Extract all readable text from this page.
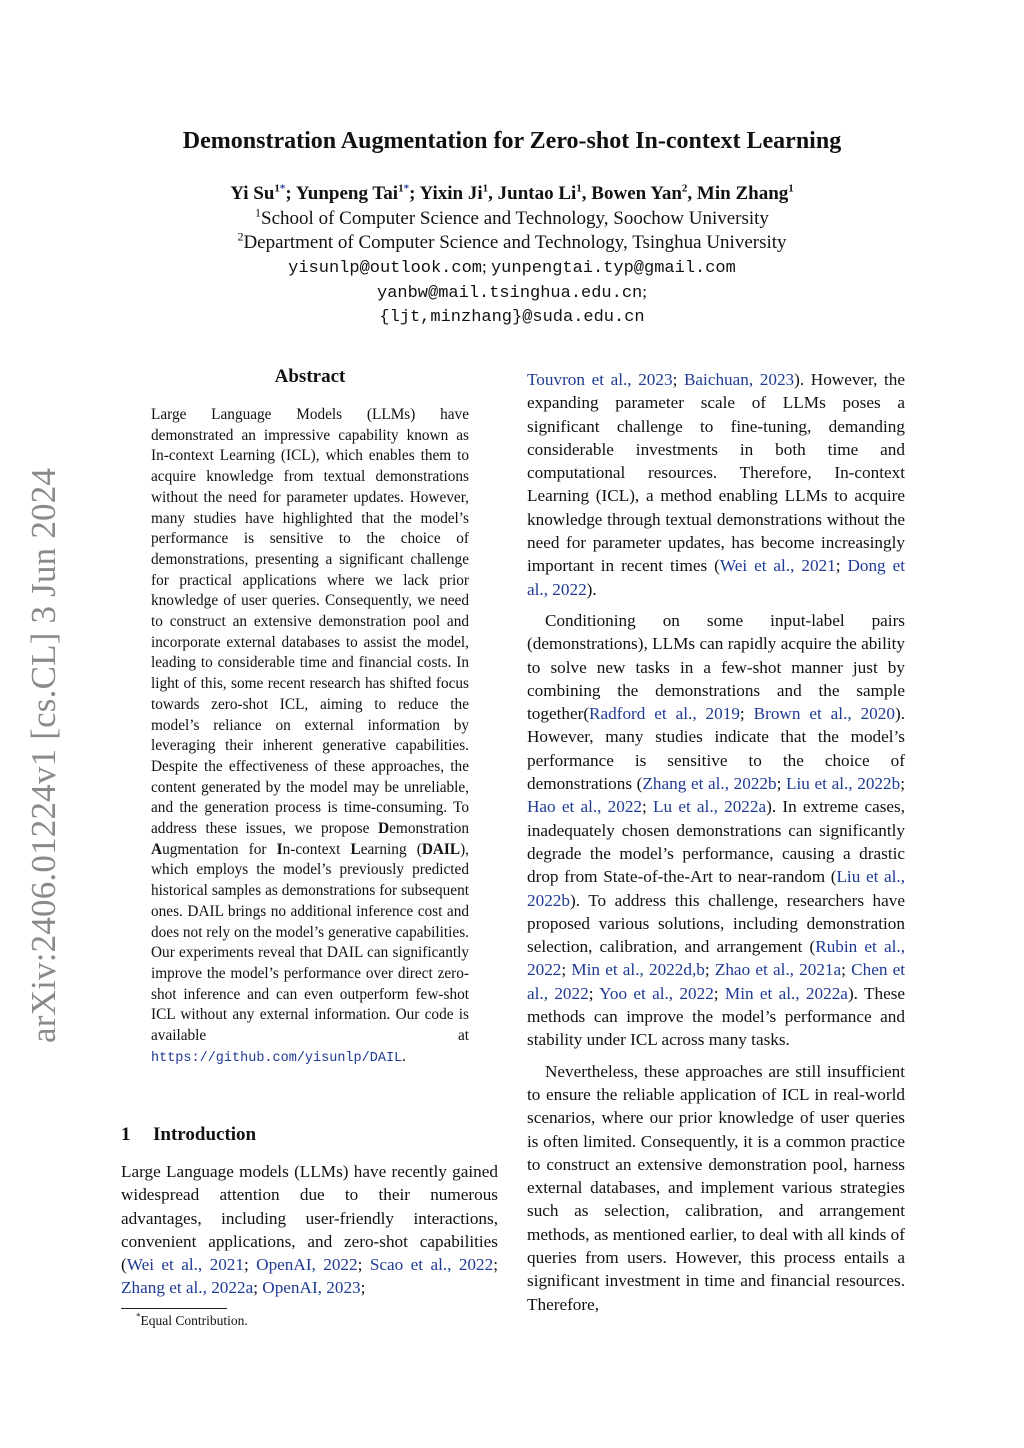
arXiv:2406.01224v1 [cs.CL] 3 Jun 2024
Demonstration Augmentation for Zero-shot In-context Learning
Yi $Su^{1*}$; Yunpeng Tai$^{1*}$; Yixin Ji$^1$, Juntao Li$^1$, Bowen Yan$^2$, Min Zhang$^1$
$^1$School of Computer Science and Technology, Soochow University
$^2$Department of Computer Science and Technology, Tsinghua University
yisunlp@outlook.com; yunpengtai.typ@gmail.com
yanbw@mail.tsinghua.edu.cn;
{ljt,minzhang}@suda.edu.cn
Abstract
Large Language Models (LLMs) have demonstrated an impressive capability known as In-context Learning (ICL), which enables them to acquire knowledge from textual demonstrations without the need for parameter updates. However, many studies have highlighted that the model’s performance is sensitive to the choice of demonstrations, presenting a significant challenge for practical applications where we lack prior knowledge of user queries. Consequently, we need to construct an extensive demonstration pool and incorporate external databases to assist the model, leading to considerable time and financial costs. In light of this, some recent research has shifted focus towards zero-shot ICL, aiming to reduce the model’s reliance on external information by leveraging their inherent generative capabilities. Despite the effectiveness of these approaches, the content generated by the model may be unreliable, and the generation process is time-consuming. To address these issues, we propose Demonstration Augmentation for In-context Learning (DAIL), which employs the model’s previously predicted historical samples as demonstrations for subsequent ones. DAIL brings no additional inference cost and does not rely on the model’s generative capabilities. Our experiments reveal that DAIL can significantly improve the model’s performance over direct zero-shot inference and can even outperform few-shot ICL without any external information. Our code is available at https://github.com/yisunlp/DAIL.
1 Introduction
Large Language models (LLMs) have recently gained widespread attention due to their numerous advantages, including user-friendly interactions, convenient applications, and zero-shot capabilities (Wei et al., 2021; OpenAI, 2022; Scao et al., 2022; Zhang et al., 2022a; OpenAI, 2023;
*Equal Contribution.

Touvron et al., 2023; Baichuan, 2023). However, the expanding parameter scale of LLMs poses a significant challenge to fine-tuning, demanding considerable investments in both time and computational resources. Therefore, In-context Learning (ICL), a method enabling LLMs to acquire knowledge through textual demonstrations without the need for parameter updates, has become increasingly important in recent times (Wei et al., 2021; Dong et al., 2022).

Conditioning on some input-label pairs (demonstrations), LLMs can rapidly acquire the ability to solve new tasks in a few-shot manner just by combining the demonstrations and the sample together(Radford et al., 2019; Brown et al., 2020). However, many studies indicate that the model’s performance is sensitive to the choice of demonstrations (Zhang et al., 2022b; Liu et al., 2022b; Hao et al., 2022; Lu et al., 2022a). In extreme cases, inadequately chosen demonstrations can significantly degrade the model’s performance, causing a drastic drop from State-of-the-Art to near-random (Liu et al., 2022b). To address this challenge, researchers have proposed various solutions, including demonstration selection, calibration, and arrangement (Rubin et al., 2022; Min et al., 2022d,b; Zhao et al., 2021a; Chen et al., 2022; Yoo et al., 2022; Min et al., 2022a). These methods can improve the model’s performance and stability under ICL across many tasks.

Nevertheless, these approaches are still insufficient to ensure the reliable application of ICL in real-world scenarios, where our prior knowledge of user queries is often limited. Consequently, it is a common practice to construct an extensive demonstration pool, harness external databases, and implement various strategies such as selection, calibration, and arrangement methods, as mentioned earlier, to deal with all kinds of queries from users. However, this process entails a significant investment in time and financial resources. Therefore,
